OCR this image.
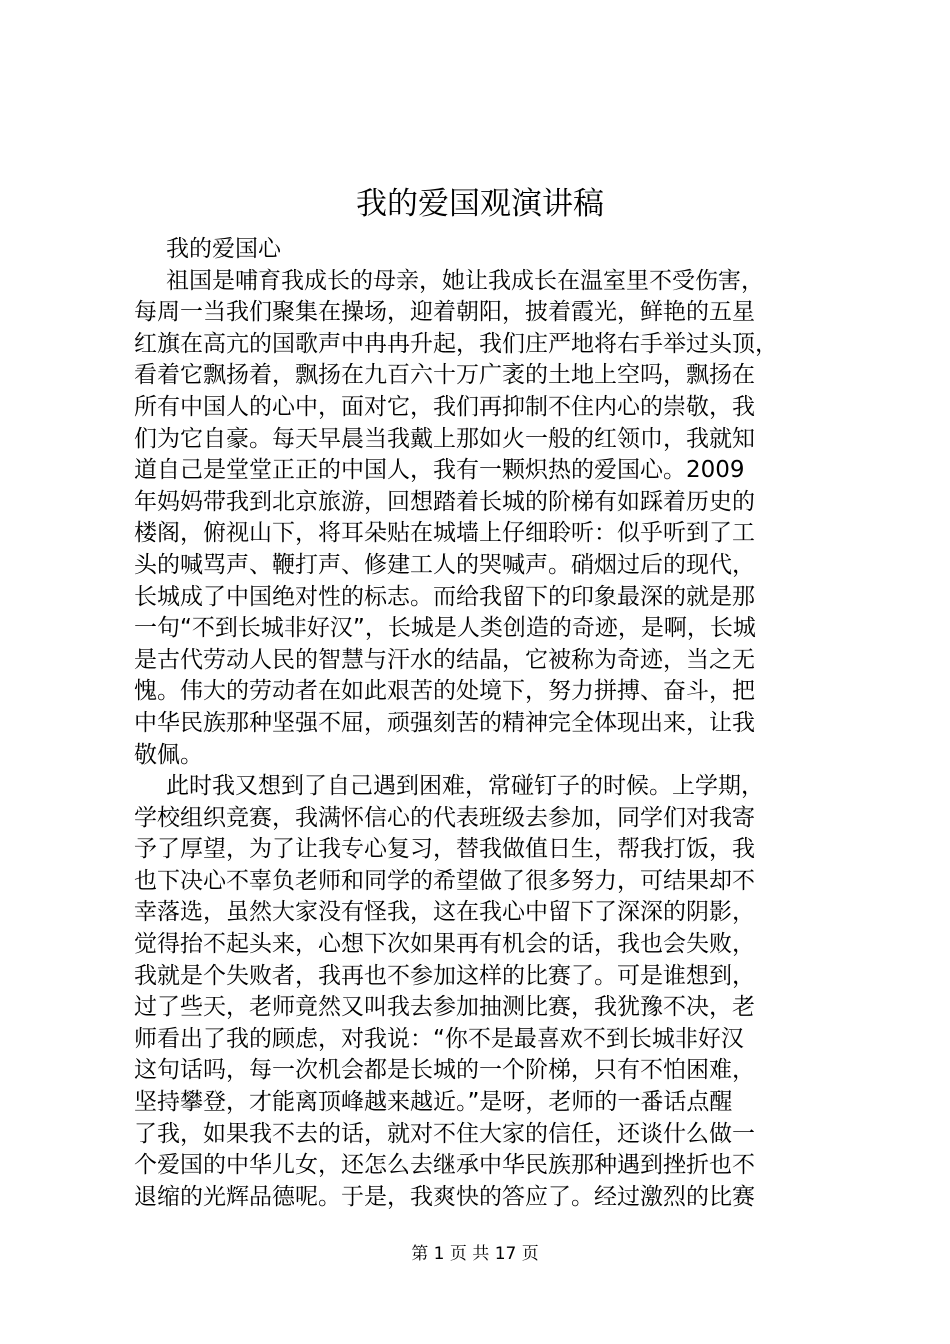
我的爱国观演讲稿
我的爱国心
祖国是哺育我成长的母亲，她让我成长在温室里不受伤害，
每周一当我们聚集在操场，迎着朝阳，披着霞光，鲜艳的五星
红旗在高亢的国歌声中冉冉升起，我们庄严地将右手举过头顶，
看着它飘扬着，飘扬在九百六十万广袤的土地上空吗，飘扬在
所有中国人的心中，面对它，我们再抑制不住内心的崇敬，我
们为它自豪。每天早晨当我戴上那如火一般的红领巾，我就知
道自己是堂堂正正的中国人，我有一颗炽热的爱国心。2009
年妈妈带我到北京旅游，回想踏着长城的阶梯有如踩着历史的
楼阁，俯视山下，将耳朵贴在城墙上仔细聆听：似乎听到了工
头的喊骂声、鞭打声、修建工人的哭喊声。硝烟过后的现代，
长城成了中国绝对性的标志。而给我留下的印象最深的就是那
一句“不到长城非好汉”，长城是人类创造的奇迹，是啊，长城
是古代劳动人民的智慧与汗水的结晶，它被称为奇迹，当之无
愧。伟大的劳动者在如此艰苦的处境下，努力拼搏、奋斗，把
中华民族那种坚强不屈，顽强刻苦的精神完全体现出来，让我
敬佩。
此时我又想到了自己遇到困难，常碰钉子的时候。上学期，
学校组织竞赛，我满怀信心的代表班级去参加，同学们对我寄
予了厚望，为了让我专心复习，替我做值日生，帮我打饭，我
也下决心不辜负老师和同学的希望做了很多努力，可结果却不
幸落选，虽然大家没有怪我，这在我心中留下了深深的阴影，
觉得抬不起头来，心想下次如果再有机会的话，我也会失败，
我就是个失败者，我再也不参加这样的比赛了。可是谁想到，
过了些天，老师竟然又叫我去参加抽测比赛，我犹豫不决，老
师看出了我的顾虑，对我说：“你不是最喜欢不到长城非好汉
这句话吗，每一次机会都是长城的一个阶梯，只有不怕困难，
坚持攀登，才能离顶峰越来越近。”是呀，老师的一番话点醒
了我，如果我不去的话，就对不住大家的信任，还谈什么做一
个爱国的中华儿女，还怎么去继承中华民族那种遇到挫折也不
退缩的光辉品德呢。于是，我爽快的答应了。经过激烈的比赛

第 1 页 共 17 页
